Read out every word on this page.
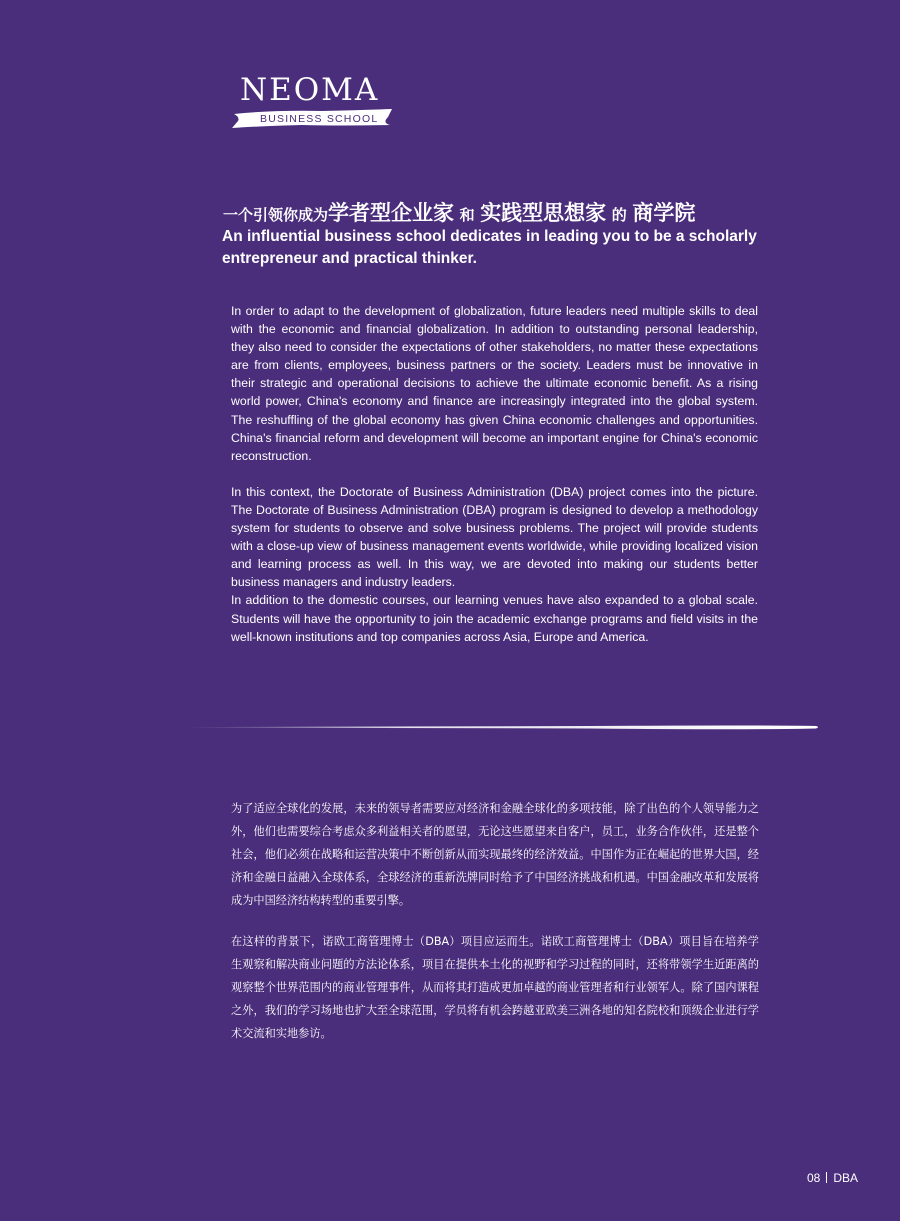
NEOMA
BUSINESS SCHOOL
一个引领你成为学者型企业家 和 实践型思想家 的 商学院
An influential business school dedicates in leading you to be a scholarly entrepreneur and practical thinker.

In order to adapt to the development of globalization, future leaders need multiple skills to deal with the economic and financial globalization. In addition to outstanding personal leadership, they also need to consider the expectations of other stakeholders, no matter these expectations are from clients, employees, business partners or the society. Leaders must be innovative in their strategic and operational decisions to achieve the ultimate economic benefit. As a rising world power, China's economy and finance are increasingly integrated into the global system. The reshuffling of the global economy has given China economic challenges and opportunities. China's financial reform and development will become an important engine for China's economic reconstruction.

In this context, the Doctorate of Business Administration (DBA) project comes into the picture. The Doctorate of Business Administration (DBA) program is designed to develop a methodology system for students to observe and solve business problems. The project will provide students with a close-up view of business management events worldwide, while providing localized vision and learning process as well. In this way, we are devoted into making our students better business managers and industry leaders.

In addition to the domestic courses, our learning venues have also expanded to a global scale. Students will have the opportunity to join the academic exchange programs and field visits in the well-known institutions and top companies across Asia, Europe and America.

为了适应全球化的发展，未来的领导者需要应对经济和金融全球化的多项技能，除了出色的个人领导能力之外，他们也需要综合考虑众多利益相关者的愿望，无论这些愿望来自客户，员工，业务合作伙伴，还是整个社会，他们必须在战略和运营决策中不断创新从而实现最终的经济效益。中国作为正在崛起的世界大国，经济和金融日益融入全球体系，全球经济的重新洗牌同时给予了中国经济挑战和机遇。中国金融改革和发展将成为中国经济结构转型的重要引擎。

在这样的背景下，诺欧工商管理博士（DBA）项目应运而生。诺欧工商管理博士（DBA）项目旨在培养学生观察和解决商业问题的方法论体系，项目在提供本土化的视野和学习过程的同时，还将带领学生近距离的观察整个世界范围内的商业管理事件，从而将其打造成更加卓越的商业管理者和行业领军人。除了国内课程之外，我们的学习场地也扩大至全球范围，学员将有机会跨越亚欧美三洲各地的知名院校和顶级企业进行学术交流和实地参访。

08 DBA
